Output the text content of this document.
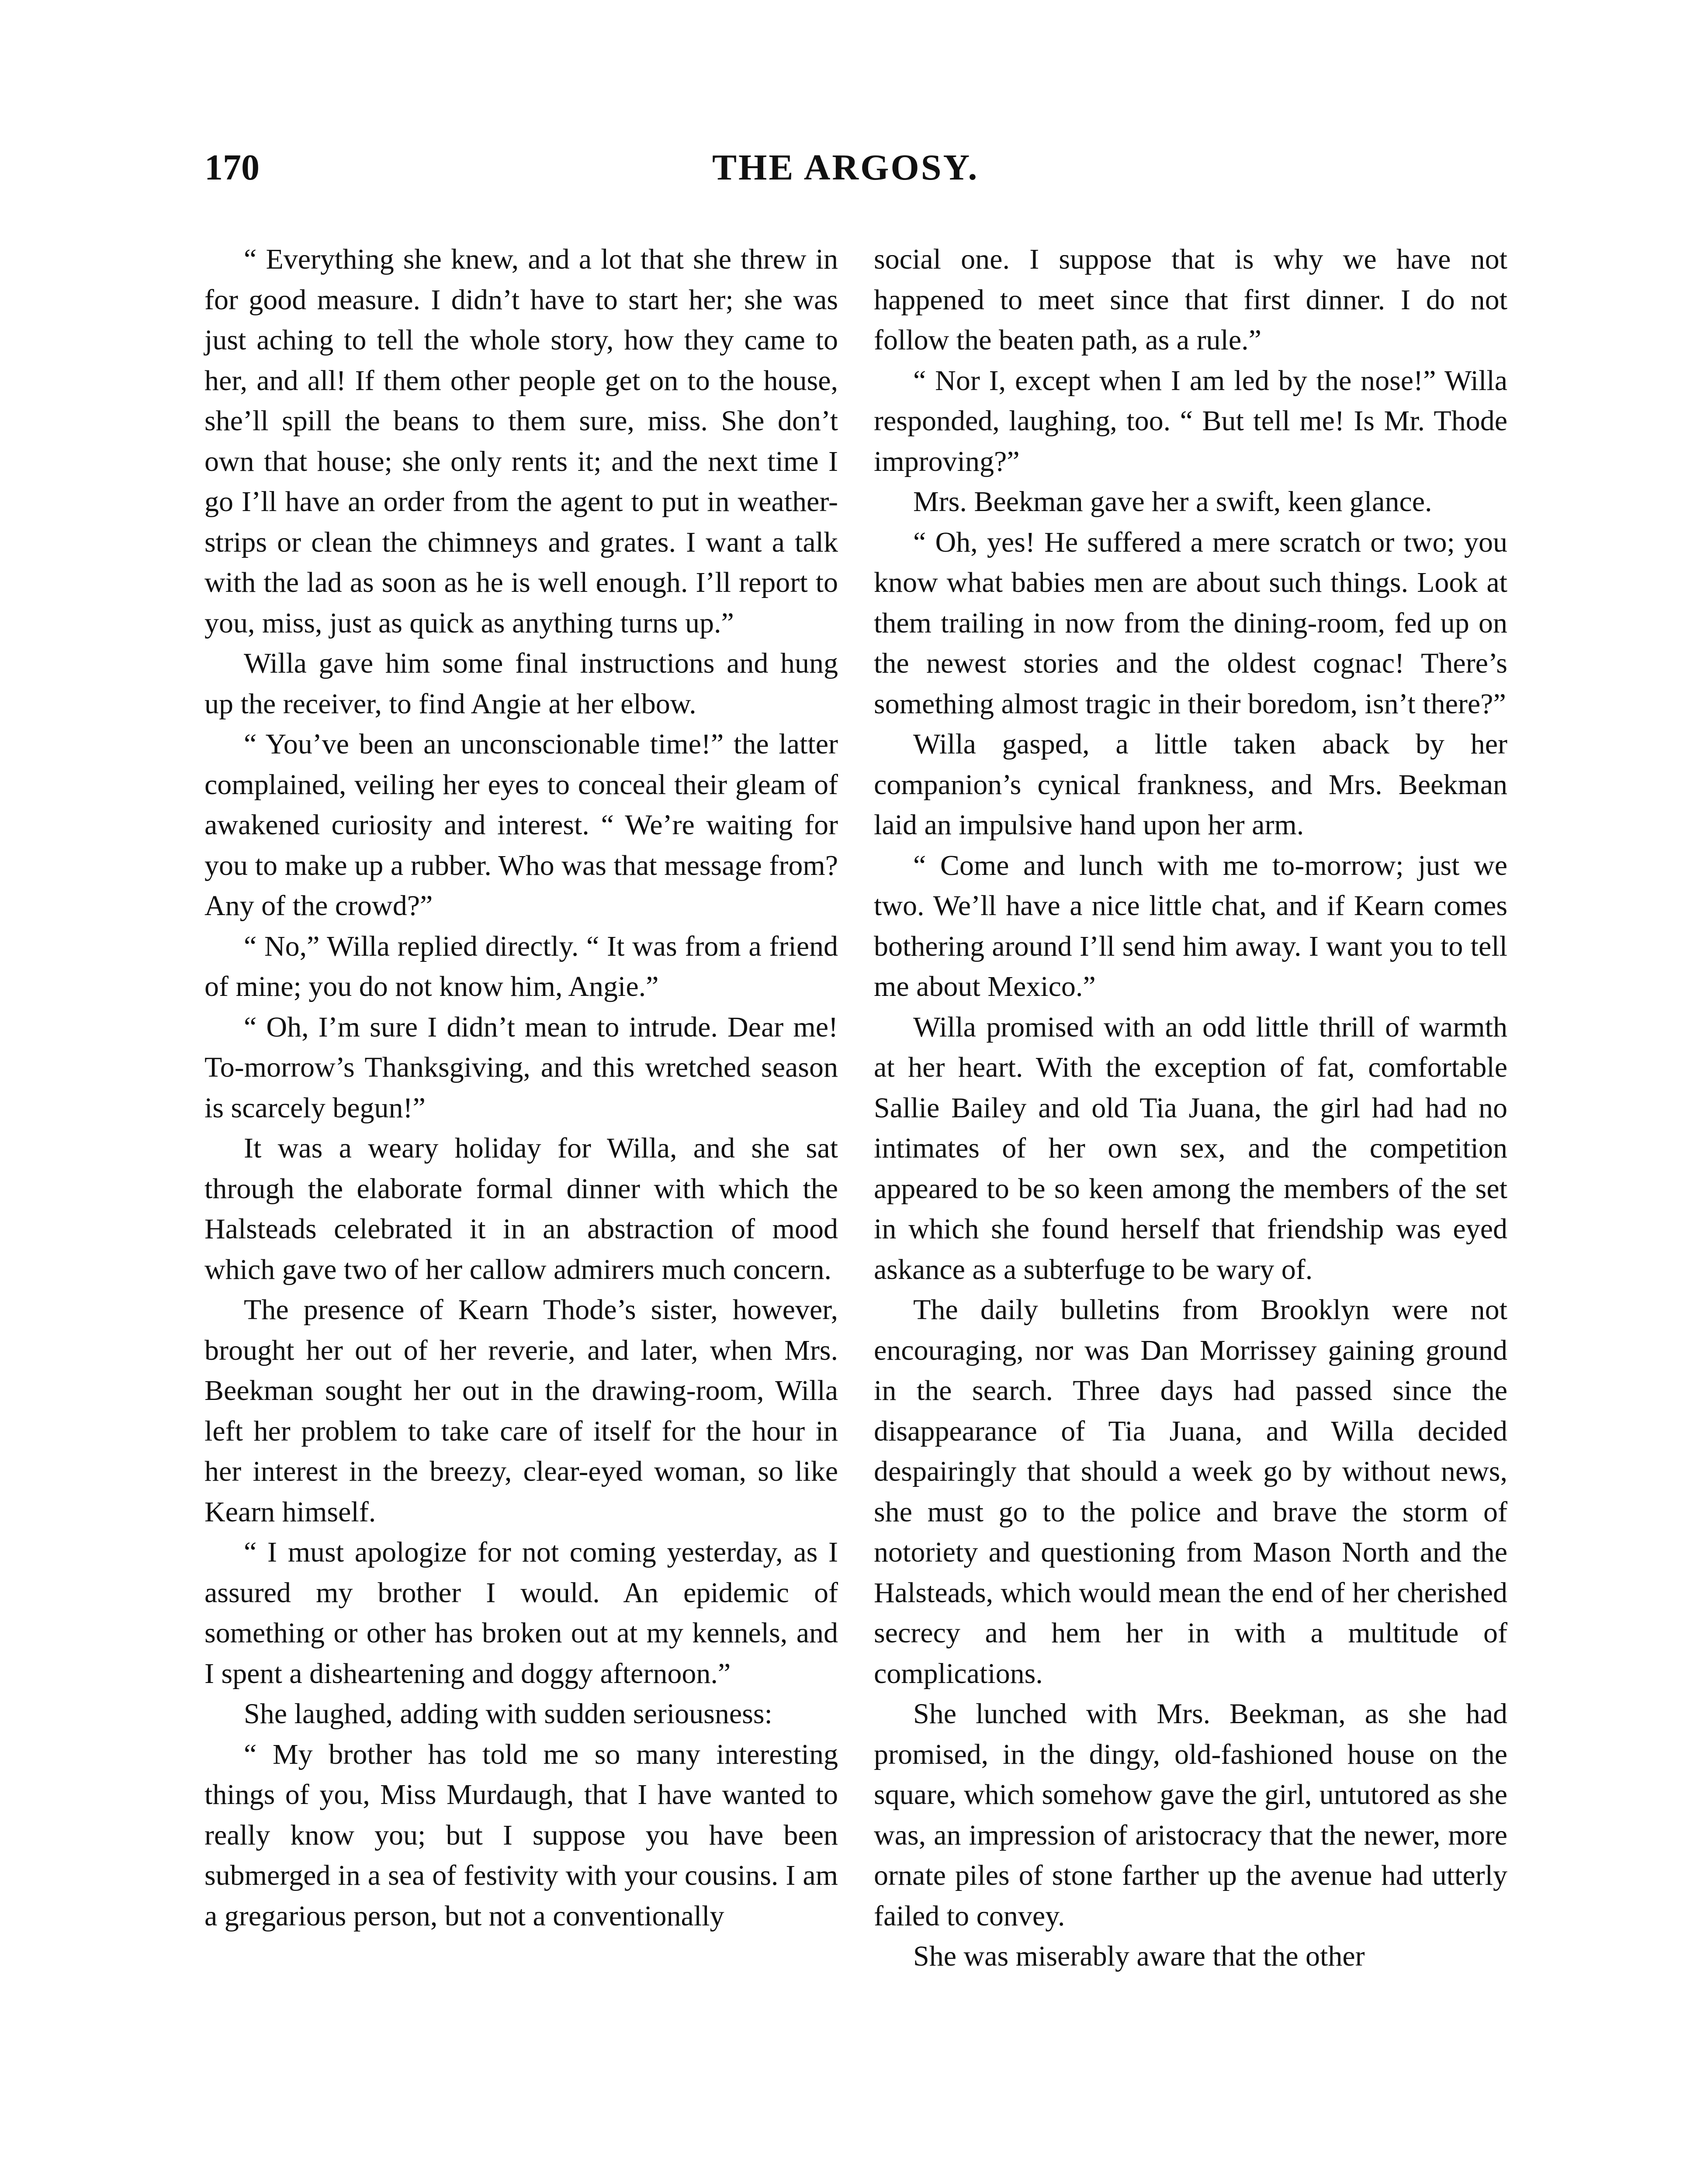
170	THE ARGOSY.

“ Everything she knew, and a lot that she threw in for good measure. I didn’t have to start her; she was just aching to tell the whole story, how they came to her, and all! If them other people get on to the house, she’ll spill the beans to them sure, miss. She don’t own that house; she only rents it; and the next time I go I’ll have an order from the agent to put in weather-strips or clean the chimneys and grates. I want a talk with the lad as soon as he is well enough. I’ll report to you, miss, just as quick as anything turns up.”

Willa gave him some final instructions and hung up the receiver, to find Angie at her elbow.

“ You’ve been an unconscionable time!” the latter complained, veiling her eyes to conceal their gleam of awakened curiosity and interest. “ We’re waiting for you to make up a rubber. Who was that message from? Any of the crowd?”

“ No,” Willa replied directly. “ It was from a friend of mine; you do not know him, Angie.”

“ Oh, I’m sure I didn’t mean to intrude. Dear me! To-morrow’s Thanksgiving, and this wretched season is scarcely begun!”

It was a weary holiday for Willa, and she sat through the elaborate formal dinner with which the Halsteads celebrated it in an abstraction of mood which gave two of her callow admirers much concern.

The presence of Kearn Thode’s sister, however, brought her out of her reverie, and later, when Mrs. Beekman sought her out in the drawing-room, Willa left her problem to take care of itself for the hour in her interest in the breezy, clear-eyed woman, so like Kearn himself.

“ I must apologize for not coming yesterday, as I assured my brother I would. An epidemic of something or other has broken out at my kennels, and I spent a disheartening and doggy afternoon.”

She laughed, adding with sudden seriousness:

“ My brother has told me so many interesting things of you, Miss Murdaugh, that I have wanted to really know you; but I suppose you have been submerged in a sea of festivity with your cousins. I am a gregarious person, but not a conventionally

social one. I suppose that is why we have not happened to meet since that first dinner. I do not follow the beaten path, as a rule.”

“ Nor I, except when I am led by the nose!” Willa responded, laughing, too. “ But tell me! Is Mr. Thode improving?”

Mrs. Beekman gave her a swift, keen glance.

“ Oh, yes! He suffered a mere scratch or two; you know what babies men are about such things. Look at them trailing in now from the dining-room, fed up on the newest stories and the oldest cognac! There’s something almost tragic in their boredom, isn’t there?”

Willa gasped, a little taken aback by her companion’s cynical frankness, and Mrs. Beekman laid an impulsive hand upon her arm.

“ Come and lunch with me to-morrow; just we two. We’ll have a nice little chat, and if Kearn comes bothering around I’ll send him away. I want you to tell me about Mexico.”

Willa promised with an odd little thrill of warmth at her heart. With the exception of fat, comfortable Sallie Bailey and old Tia Juana, the girl had had no intimates of her own sex, and the competition appeared to be so keen among the members of the set in which she found herself that friendship was eyed askance as a subterfuge to be wary of.

The daily bulletins from Brooklyn were not encouraging, nor was Dan Morrissey gaining ground in the search. Three days had passed since the disappearance of Tia Juana, and Willa decided despairingly that should a week go by without news, she must go to the police and brave the storm of notoriety and questioning from Mason North and the Halsteads, which would mean the end of her cherished secrecy and hem her in with a multitude of complications.

She lunched with Mrs. Beekman, as she had promised, in the dingy, old-fashioned house on the square, which somehow gave the girl, untutored as she was, an impression of aristocracy that the newer, more ornate piles of stone farther up the avenue had utterly failed to convey.

She was miserably aware that the other
